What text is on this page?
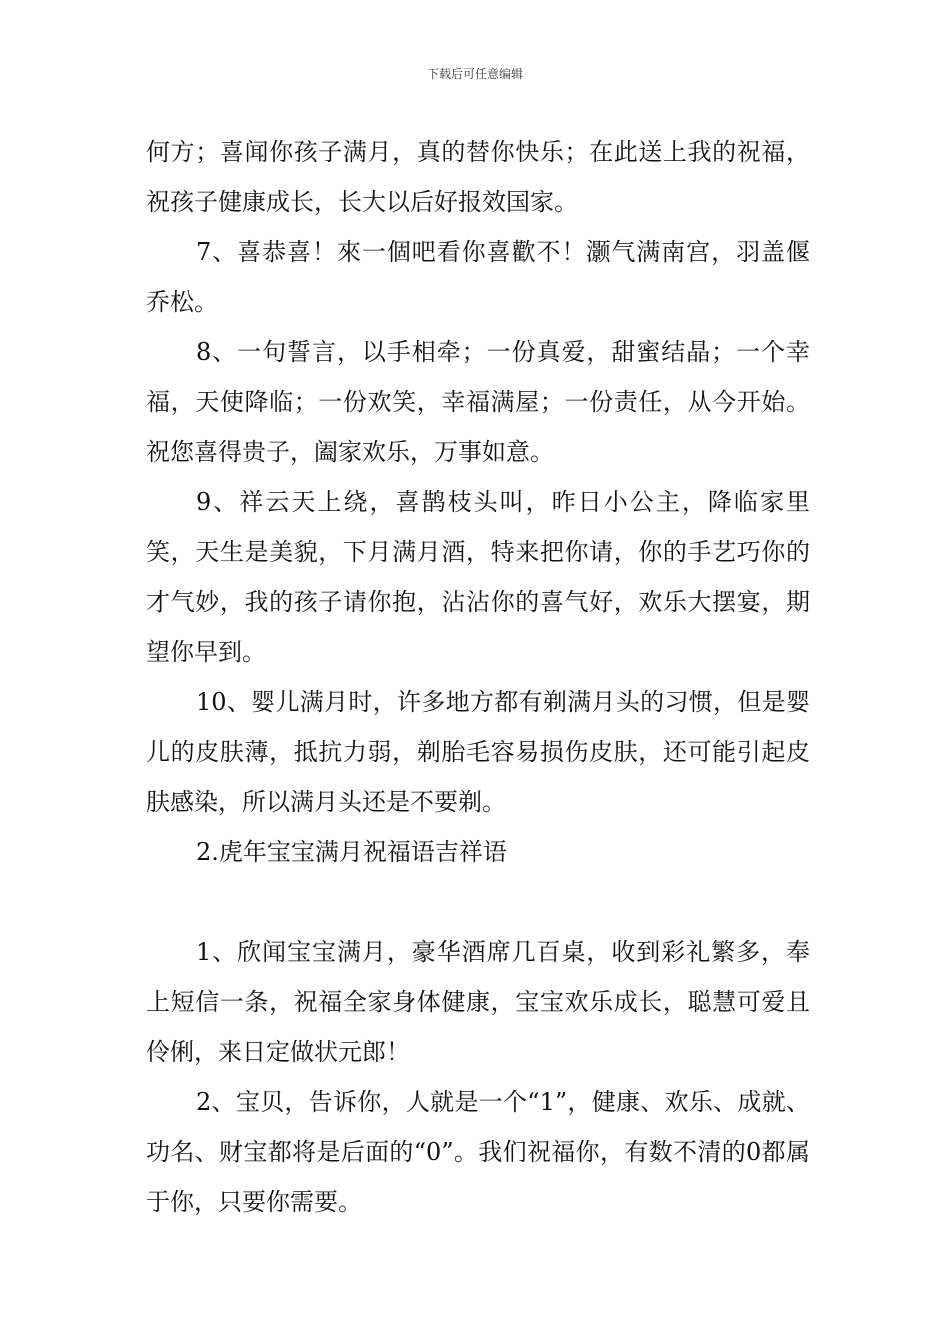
下载后可任意编辑

何方；喜闻你孩子满月，真的替你快乐；在此送上我的祝福，祝孩子健康成长，长大以后好报效国家。

7、喜恭喜！來一個吧看你喜歡不！灏气满南宫，羽盖偃乔松。

8、一句誓言，以手相牵；一份真爱，甜蜜结晶；一个幸福，天使降临；一份欢笑，幸福满屋；一份责任，从今开始。祝您喜得贵子，阖家欢乐，万事如意。

9、祥云天上绕，喜鹊枝头叫，昨日小公主，降临家里笑，天生是美貌，下月满月酒，特来把你请，你的手艺巧你的才气妙，我的孩子请你抱，沾沾你的喜气好，欢乐大摆宴，期望你早到。

10、婴儿满月时，许多地方都有剃满月头的习惯，但是婴儿的皮肤薄，抵抗力弱，剃胎毛容易损伤皮肤，还可能引起皮肤感染，所以满月头还是不要剃。

2.虎年宝宝满月祝福语吉祥语

1、欣闻宝宝满月，豪华酒席几百桌，收到彩礼繁多，奉上短信一条，祝福全家身体健康，宝宝欢乐成长，聪慧可爱且伶俐，来日定做状元郎！

2、宝贝，告诉你，人就是一个“1”，健康、欢乐、成就、功名、财宝都将是后面的“0”。我们祝福你，有数不清的0都属于你，只要你需要。
